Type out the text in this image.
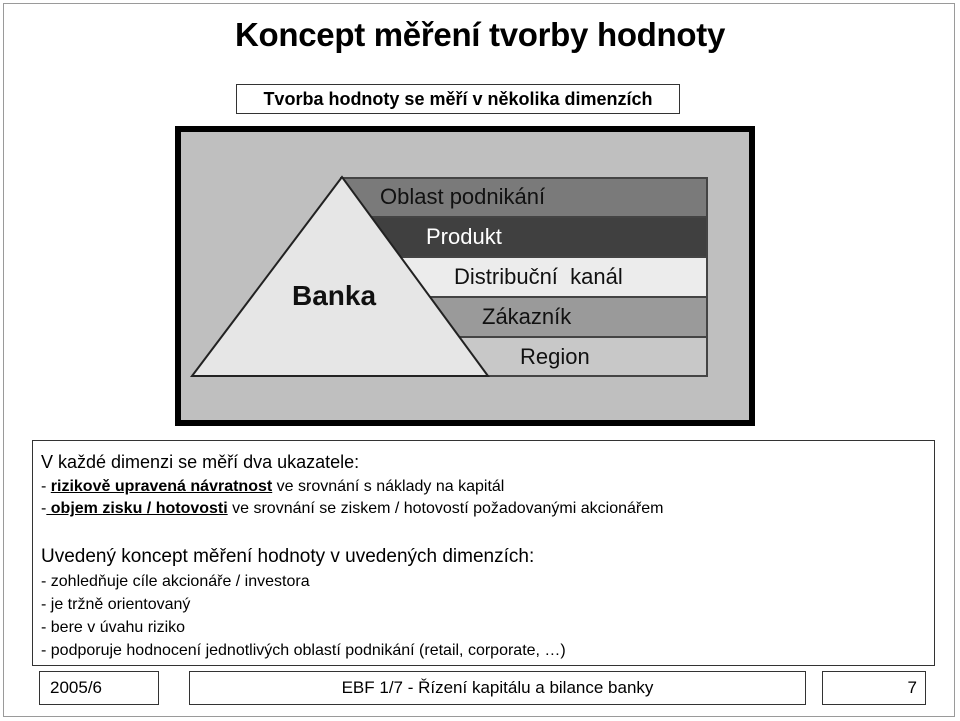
Koncept měření tvorby hodnoty
Tvorba hodnoty se měří v několika dimenzích
Oblast podnikání
Produkt
Distribuční  kanál
Zákazník
Region
Banka
V každé dimenzi se měří dva ukazatele:
- rizikově upravená návratnost ve srovnání s náklady na kapitál
- objem zisku / hotovosti ve srovnání se ziskem / hotovostí požadovanými akcionářem
Uvedený koncept měření hodnoty v uvedených dimenzích:
- zohledňuje cíle akcionáře / investora
- je tržně orientovaný
- bere v úvahu riziko
- podporuje hodnocení jednotlivých oblastí podnikání (retail, corporate, …)
2005/6	EBF 1/7 - Řízení kapitálu a bilance banky	7
